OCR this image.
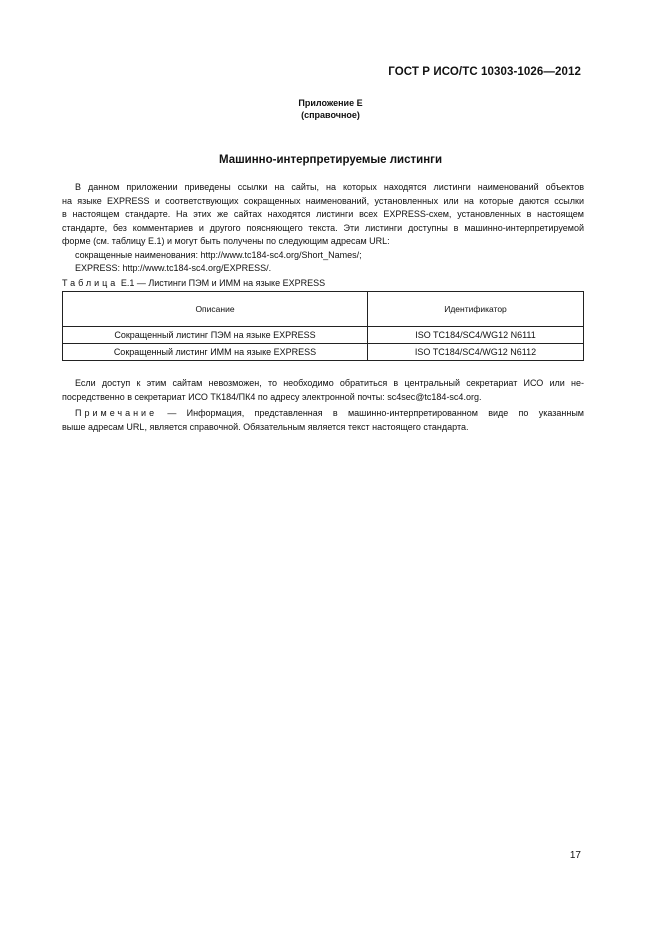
ГОСТ Р ИСО/ТС 10303-1026—2012
Приложение Е
(справочное)
Машинно-интерпретируемые листинги
В данном приложении приведены ссылки на сайты, на которых находятся листинги наименований объектов
на языке EXPRESS и соответствующих сокращенных наименований, установленных или на которые даются ссылки
в настоящем стандарте. На этих же сайтах находятся листинги всех EXPRESS-схем, установленных в настоящем
стандарте, без комментариев и другого поясняющего текста. Эти листинги доступны в машинно-интерпретируемой
форме (см. таблицу Е.1) и могут быть получены по следующим адресам URL:
сокращенные наименования: http://www.tc184-sc4.org/Short_Names/;
EXPRESS: http://www.tc184-sc4.org/EXPRESS/.
Таблица Е.1 — Листинги ПЭМ и ИММ на языке EXPRESS
Описание	Идентификатор
Сокращенный листинг ПЭМ на языке EXPRESS	ISO TC184/SC4/WG12 N6111
Сокращенный листинг ИММ на языке EXPRESS	ISO TC184/SC4/WG12 N6112
Если доступ к этим сайтам невозможен, то необходимо обратиться в центральный секретариат ИСО или не-
посредственно в секретариат ИСО ТК184/ПК4 по адресу электронной почты: sc4sec@tc184-sc4.org.
Примечание — Информация, представленная в машинно-интерпретированном виде по указанным
выше адресам URL, является справочной. Обязательным является текст настоящего стандарта.
17
